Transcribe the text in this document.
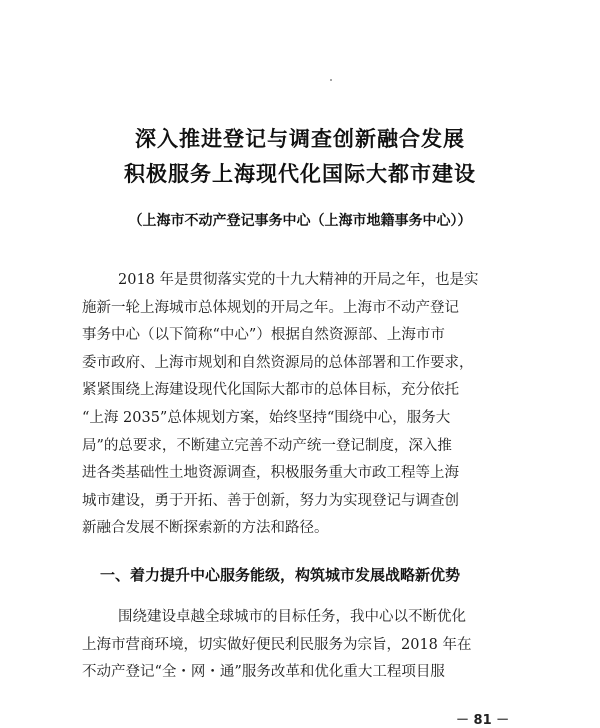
深入推进登记与调查创新融合发展
积极服务上海现代化国际大都市建设
（上海市不动产登记事务中心（上海市地籍事务中心））
2018 年是贯彻落实党的十九大精神的开局之年，也是实
施新一轮上海城市总体规划的开局之年。上海市不动产登记
事务中心（以下简称“中心”）根据自然资源部、上海市市
委市政府、上海市规划和自然资源局的总体部署和工作要求，
紧紧围绕上海建设现代化国际大都市的总体目标，充分依托
“上海 2035”总体规划方案，始终坚持“围绕中心，服务大
局”的总要求，不断建立完善不动产统一登记制度，深入推
进各类基础性土地资源调查，积极服务重大市政工程等上海
城市建设，勇于开拓、善于创新，努力为实现登记与调查创
新融合发展不断探索新的方法和路径。
一、着力提升中心服务能级，构筑城市发展战略新优势
围绕建设卓越全球城市的目标任务，我中心以不断优化
上海市营商环境，切实做好便民利民服务为宗旨，2018 年在
不动产登记“全・网・通”服务改革和优化重大工程项目服
－ 81 －
